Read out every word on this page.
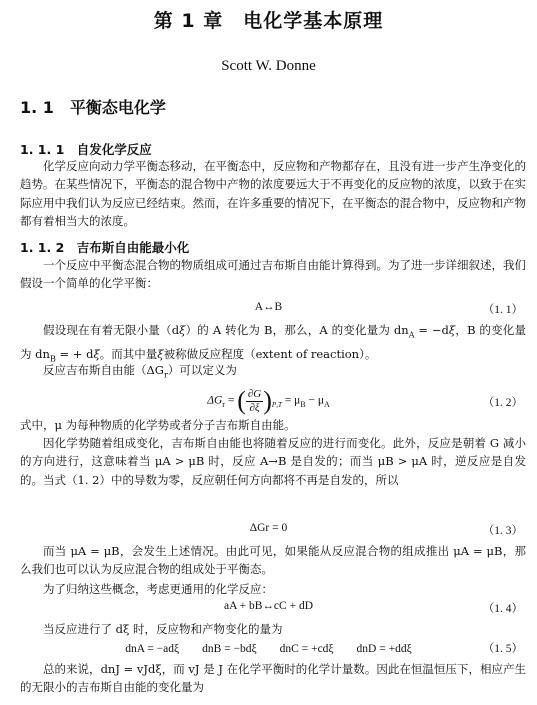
第 1 章　电化学基本原理
Scott W. Donne
1. 1　平衡态电化学
1. 1. 1　自发化学反应

化学反应向动力学平衡态移动，在平衡态中，反应物和产物都存在，且没有进一步产生净变化的趋势。在某些情况下，平衡态的混合物中产物的浓度要远大于不再变化的反应物的浓度，以致于在实际应用中我们认为反应已经结束。然而，在许多重要的情况下，在平衡态的混合物中，反应物和产物都有着相当大的浓度。

1. 1. 2　吉布斯自由能最小化

一个反应中平衡态混合物的物质组成可通过吉布斯自由能计算得到。为了进一步详细叙述，我们假设一个简单的化学平衡：

A↔B	（1. 1）

假设现在有着无限小量（dξ）的 A 转化为 B，那么，A 的变化量为 $dn_A = -d\xi$，B 的变化量为 $dn_B$ = + dξ。而其中量ξ被称做反应程度（extent of reaction）。

反应吉布斯自由能$(\Delta G_r)$可以定义为

$\Delta G_r$ = ( $\frac{\partial G}{\partial\xi} )_{P,T} = \mu_B - \mu_A$	（1. 2）

式中，μ 为每种物质的化学势或者分子吉布斯自由能。

因化学势随着组成变化，吉布斯自由能也将随着反应的进行而变化。此外，反应是朝着 G 减小的方向进行，这意味着当 μA > μB 时，反应 A→B 是自发的；而当 μB > μA 时，逆反应是自发的。当式（1. 2）中的导数为零，反应朝任何方向都将不再是自发的，所以

ΔGr = 0	（1. 3）

而当 μA = μB，会发生上述情况。由此可见，如果能从反应混合物的组成推出 μA = μB，那么我们也可以认为反应混合物的组成处于平衡态。

为了归纳这些概念，考虑更通用的化学反应：

aA + bB↔cC + dD	（1. 4）

当反应进行了 dξ 时，反应物和产物变化的量为

dnA = −adξ　　dnB = −bdξ　　dnC = +cdξ　　dnD = +ddξ	（1. 5）

总的来说，dnJ = vJdξ，而 vJ 是 J 在化学平衡时的化学计量数。因此在恒温恒压下，相应产生的无限小的吉布斯自由能的变化量为
